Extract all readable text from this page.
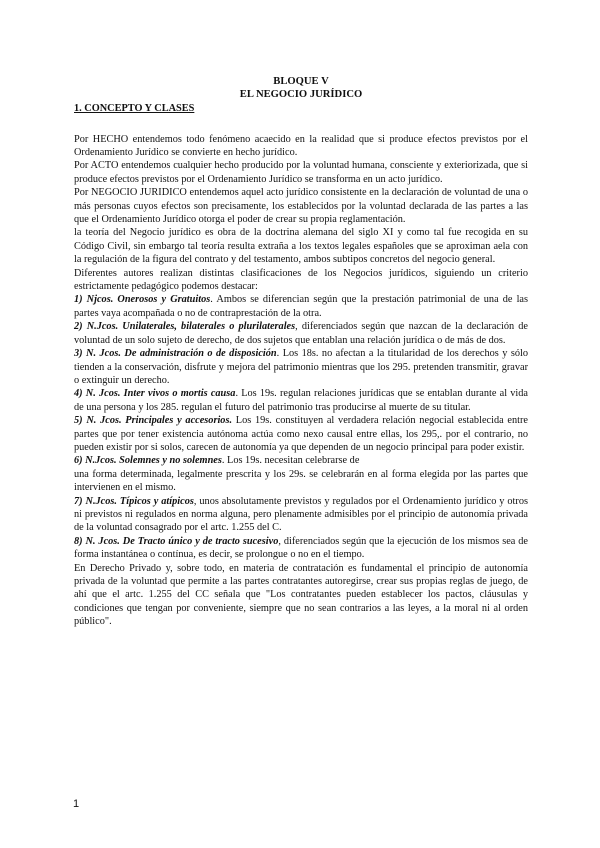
BLOQUE V
EL NEGOCIO JURÍDICO
1. CONCEPTO Y CLASES

Por HECHO entendemos todo fenómeno acaecido en la realidad que si produce efectos previstos por el Ordenamiento Jurídico se convierte en hecho jurídico.

Por ACTO entendemos cualquier hecho producido por la voluntad humana, consciente y exteriorizada, que si produce efectos previstos por el Ordenamiento Jurídico se transforma en un acto jurídico.

Por NEGOCIO JURIDICO entendemos aquel acto jurídico consistente en la declaración de voluntad de una o más personas cuyos efectos son precisamente, los establecidos por la voluntad declarada de las partes a las que el Ordenamiento Jurídico otorga el poder de crear su propia reglamentación.

la teoría del Negocio jurídico es obra de la doctrina alemana del siglo XI y como tal fue recogida en su Código Civil, sin embargo tal teoría resulta extraña a los textos legales españoles que se aproximan aela con la regulación de la figura del contrato y del testamento, ambos subtipos concretos del negocio general.

Diferentes autores realizan distintas clasificaciones de los Negocios jurídicos, siguiendo un criterio estrictamente pedagógico podemos destacar:

1) Njcos. Onerosos y Gratuitos. Ambos se diferencian según que la prestación patrimonial de una de las partes vaya acompañada o no de contraprestación de la otra.

2) N.Jcos. Unilaterales, bilaterales o plurilaterales, diferenciados según que nazcan de la declaración de voluntad de un solo sujeto de derecho, de dos sujetos que entablan una relación jurídica o de más de dos.

3) N. Jcos. De administración o de disposición. Los 18s. no afectan a la titularidad de los derechos y sólo tienden a la conservación, disfrute y mejora del patrimonio mientras que los 295. pretenden transmitir, gravar o extinguir un derecho.

4) N. Jcos. Inter vivos o mortis causa. Los 19s. regulan relaciones jurídicas que se entablan durante al vida de una persona y los 285. regulan el futuro del patrimonio tras producirse al muerte de su titular.

5) N. Jcos. Principales y accesorios. Los 19s. constituyen al verdadera relación negocial establecida entre partes que por tener existencia autónoma actúa como nexo causal entre ellas, los 295,. por el contrario, no pueden existir por si solos, carecen de autonomía ya que dependen de un negocio principal para poder existir.

6) N.Jcos. Solemnes y no solemnes. Los 19s. necesitan celebrarse de

una forma determinada, legalmente prescrita y los 29s. se celebrarán en al forma elegida por las partes que intervienen en el mismo.

7) N.Jcos. Típicos y atípicos, unos absolutamente previstos y regulados por el Ordenamiento jurídico y otros ni previstos ni regulados en norma alguna, pero plenamente admisibles por el principio de autonomía privada de la voluntad consagrado por el artc. 1.255 del C.

8) N. Jcos. De Tracto único y de tracto sucesivo, diferenciados según que la ejecución de los mismos sea de forma instantánea o contínua, es decir, se prolongue o no en el tiempo.

En Derecho Privado y, sobre todo, en materia de contratación es fundamental el principio de autonomía privada de la voluntad que permite a las partes contratantes autoregirse, crear sus propias reglas de juego, de ahí que el artc. 1.255 del CC señala que "Los contratantes pueden establecer los pactos, cláusulas y condiciones que tengan por conveniente, siempre que no sean contrarios a las leyes, a la moral ni al orden público".

1
